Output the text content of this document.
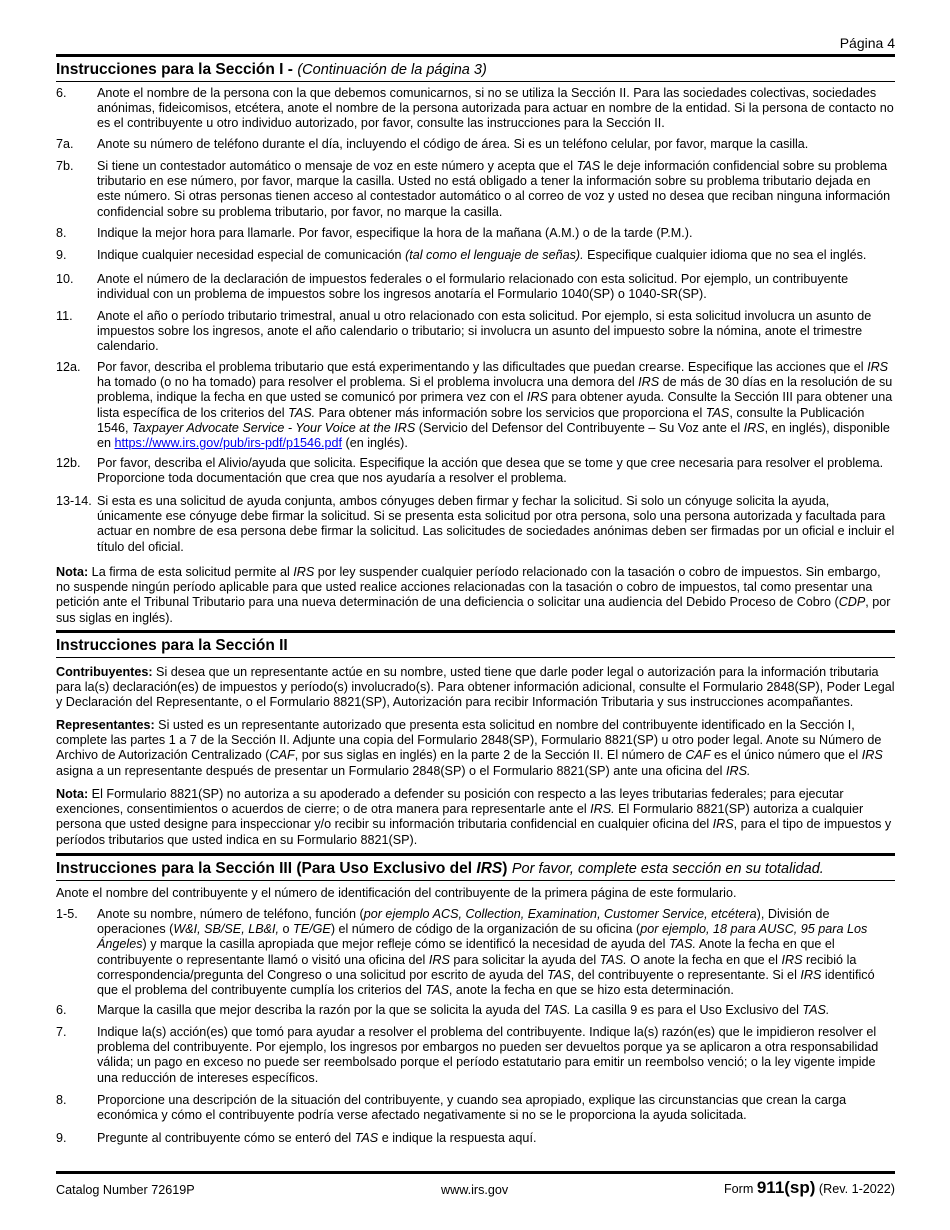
Página 4
Instrucciones para la Sección I - (Continuación de la página 3)
6. Anote el nombre de la persona con la que debemos comunicarnos, si no se utiliza la Sección II. Para las sociedades colectivas, sociedades anónimas, fideicomisos, etcétera, anote el nombre de la persona autorizada para actuar en nombre de la entidad. Si la persona de contacto no es el contribuyente u otro individuo autorizado, por favor, consulte las instrucciones para la Sección II.
7a. Anote su número de teléfono durante el día, incluyendo el código de área. Si es un teléfono celular, por favor, marque la casilla.
7b. Si tiene un contestador automático o mensaje de voz en este número y acepta que el TAS le deje información confidencial sobre su problema tributario en ese número, por favor, marque la casilla. Usted no está obligado a tener la información sobre su problema tributario dejada en este número. Si otras personas tienen acceso al contestador automático o al correo de voz y usted no desea que reciban ninguna información confidencial sobre su problema tributario, por favor, no marque la casilla.
8. Indique la mejor hora para llamarle. Por favor, especifique la hora de la mañana (A.M.) o de la tarde (P.M.).
9. Indique cualquier necesidad especial de comunicación (tal como el lenguaje de señas). Especifique cualquier idioma que no sea el inglés.
10. Anote el número de la declaración de impuestos federales o el formulario relacionado con esta solicitud. Por ejemplo, un contribuyente individual con un problema de impuestos sobre los ingresos anotaría el Formulario 1040(SP) o 1040-SR(SP).
11. Anote el año o período tributario trimestral, anual u otro relacionado con esta solicitud. Por ejemplo, si esta solicitud involucra un asunto de impuestos sobre los ingresos, anote el año calendario o tributario; si involucra un asunto del impuesto sobre la nómina, anote el trimestre calendario.
12a. Por favor, describa el problema tributario que está experimentando y las dificultades que puedan crearse. Especifique las acciones que el IRS ha tomado (o no ha tomado) para resolver el problema. Si el problema involucra una demora del IRS de más de 30 días en la resolución de su problema, indique la fecha en que usted se comunicó por primera vez con el IRS para obtener ayuda. Consulte la Sección III para obtener una lista específica de los criterios del TAS. Para obtener más información sobre los servicios que proporciona el TAS, consulte la Publicación 1546, Taxpayer Advocate Service - Your Voice at the IRS (Servicio del Defensor del Contribuyente – Su Voz ante el IRS, en inglés), disponible en https://www.irs.gov/pub/irs-pdf/p1546.pdf (en inglés).
12b. Por favor, describa el Alivio/ayuda que solicita. Especifique la acción que desea que se tome y que cree necesaria para resolver el problema. Proporcione toda documentación que crea que nos ayudaría a resolver el problema.
13-14. Si esta es una solicitud de ayuda conjunta, ambos cónyuges deben firmar y fechar la solicitud. Si solo un cónyuge solicita la ayuda, únicamente ese cónyuge debe firmar la solicitud. Si se presenta esta solicitud por otra persona, solo una persona autorizada y facultada para actuar en nombre de esa persona debe firmar la solicitud. Las solicitudes de sociedades anónimas deben ser firmadas por un oficial e incluir el título del oficial.
Nota: La firma de esta solicitud permite al IRS por ley suspender cualquier período relacionado con la tasación o cobro de impuestos. Sin embargo, no suspende ningún período aplicable para que usted realice acciones relacionadas con la tasación o cobro de impuestos, tal como presentar una petición ante el Tribunal Tributario para una nueva determinación de una deficiencia o solicitar una audiencia del Debido Proceso de Cobro (CDP, por sus siglas en inglés).
Instrucciones para la Sección II
Contribuyentes: Si desea que un representante actúe en su nombre, usted tiene que darle poder legal o autorización para la información tributaria para la(s) declaración(es) de impuestos y período(s) involucrado(s). Para obtener información adicional, consulte el Formulario 2848(SP), Poder Legal y Declaración del Representante, o el Formulario 8821(SP), Autorización para recibir Información Tributaria y sus instrucciones acompañantes.
Representantes: Si usted es un representante autorizado que presenta esta solicitud en nombre del contribuyente identificado en la Sección I, complete las partes 1 a 7 de la Sección II. Adjunte una copia del Formulario 2848(SP), Formulario 8821(SP) u otro poder legal. Anote su Número de Archivo de Autorización Centralizado (CAF, por sus siglas en inglés) en la parte 2 de la Sección II. El número de CAF es el único número que el IRS asigna a un representante después de presentar un Formulario 2848(SP) o el Formulario 8821(SP) ante una oficina del IRS.
Nota: El Formulario 8821(SP) no autoriza a su apoderado a defender su posición con respecto a las leyes tributarias federales; para ejecutar exenciones, consentimientos o acuerdos de cierre; o de otra manera para representarle ante el IRS. El Formulario 8821(SP) autoriza a cualquier persona que usted designe para inspeccionar y/o recibir su información tributaria confidencial en cualquier oficina del IRS, para el tipo de impuestos y períodos tributarios que usted indica en su Formulario 8821(SP).
Instrucciones para la Sección III (Para Uso Exclusivo del IRS) Por favor, complete esta sección en su totalidad.
Anote el nombre del contribuyente y el número de identificación del contribuyente de la primera página de este formulario.
1-5. Anote su nombre, número de teléfono, función (por ejemplo ACS, Collection, Examination, Customer Service, etcétera), División de operaciones (W&I, SB/SE, LB&I, o TE/GE) el número de código de la organización de su oficina (por ejemplo, 18 para AUSC, 95 para Los Ángeles) y marque la casilla apropiada que mejor refleje cómo se identificó la necesidad de ayuda del TAS. Anote la fecha en que el contribuyente o representante llamó o visitó una oficina del IRS para solicitar la ayuda del TAS. O anote la fecha en que el IRS recibió la correspondencia/pregunta del Congreso o una solicitud por escrito de ayuda del TAS, del contribuyente o representante. Si el IRS identificó que el problema del contribuyente cumplía los criterios del TAS, anote la fecha en que se hizo esta determinación.
6. Marque la casilla que mejor describa la razón por la que se solicita la ayuda del TAS. La casilla 9 es para el Uso Exclusivo del TAS.
7. Indique la(s) acción(es) que tomó para ayudar a resolver el problema del contribuyente. Indique la(s) razón(es) que le impidieron resolver el problema del contribuyente. Por ejemplo, los ingresos por embargos no pueden ser devueltos porque ya se aplicaron a otra responsabilidad válida; un pago en exceso no puede ser reembolsado porque el período estatutario para emitir un reembolso venció; o la ley vigente impide una reducción de intereses específicos.
8. Proporcione una descripción de la situación del contribuyente, y cuando sea apropiado, explique las circunstancias que crean la carga económica y cómo el contribuyente podría verse afectado negativamente si no se le proporciona la ayuda solicitada.
9. Pregunte al contribuyente cómo se enteró del TAS e indique la respuesta aquí.
Catalog Number 72619P	www.irs.gov	Form 911(sp) (Rev. 1-2022)
